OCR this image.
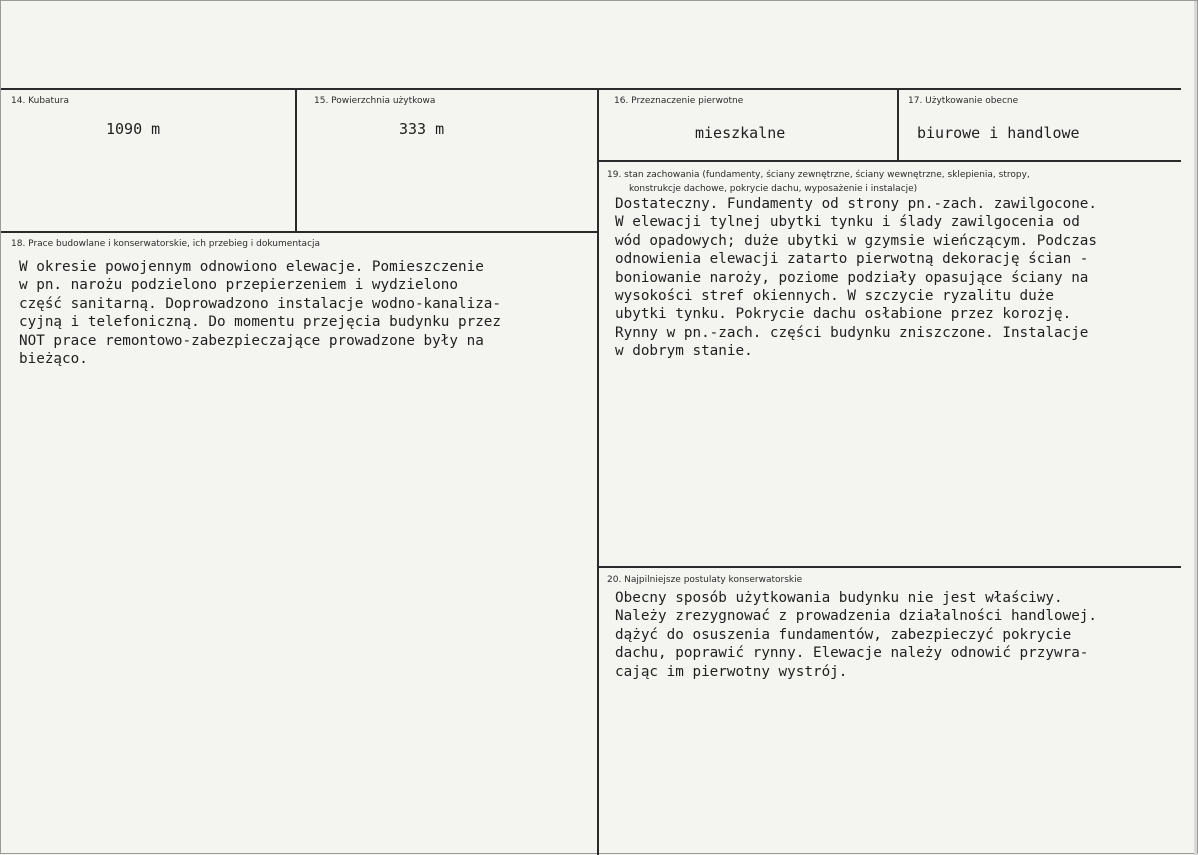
14. Kubatura
1090 m
15. Powierzchnia użytkowa
333 m
16. Przeznaczenie pierwotne
mieszkalne
17. Użytkowanie obecne
biurowe i handlowe
18. Prace budowlane i konserwatorskie, ich przebieg i dokumentacja
W okresie powojennym odnowiono elewacje. Pomieszczenie
w pn. narożu podzielono przepierzeniem i wydzielono
część sanitarną. Doprowadzono instalacje wodno-kanaliza-
cyjną i telefoniczną. Do momentu przejęcia budynku przez
NOT prace remontowo-zabezpieczające prowadzone były na
bieżąco.
19. stan zachowania (fundamenty, ściany zewnętrzne, ściany wewnętrzne, sklepienia, stropy,
konstrukcje dachowe, pokrycie dachu, wyposażenie i instalacje)
Dostateczny. Fundamenty od strony pn.-zach. zawilgocone.
W elewacji tylnej ubytki tynku i ślady zawilgocenia od
wód opadowych; duże ubytki w gzymsie wieńczącym. Podczas
odnowienia elewacji zatarto pierwotną dekorację ścian -
boniowanie naroży, poziome podziały opasujące ściany na
wysokości stref okiennych. W szczycie ryzalitu duże
ubytki tynku. Pokrycie dachu osłabione przez korozję.
Rynny w pn.-zach. części budynku zniszczone. Instalacje
w dobrym stanie.
20. Najpilniejsze postulaty konserwatorskie
Obecny sposób użytkowania budynku nie jest właściwy.
Należy zrezygnować z prowadzenia działalności handlowej.
dążyć do osuszenia fundamentów, zabezpieczyć pokrycie
dachu, poprawić rynny. Elewacje należy odnowić przywra-
cając im pierwotny wystrój.
